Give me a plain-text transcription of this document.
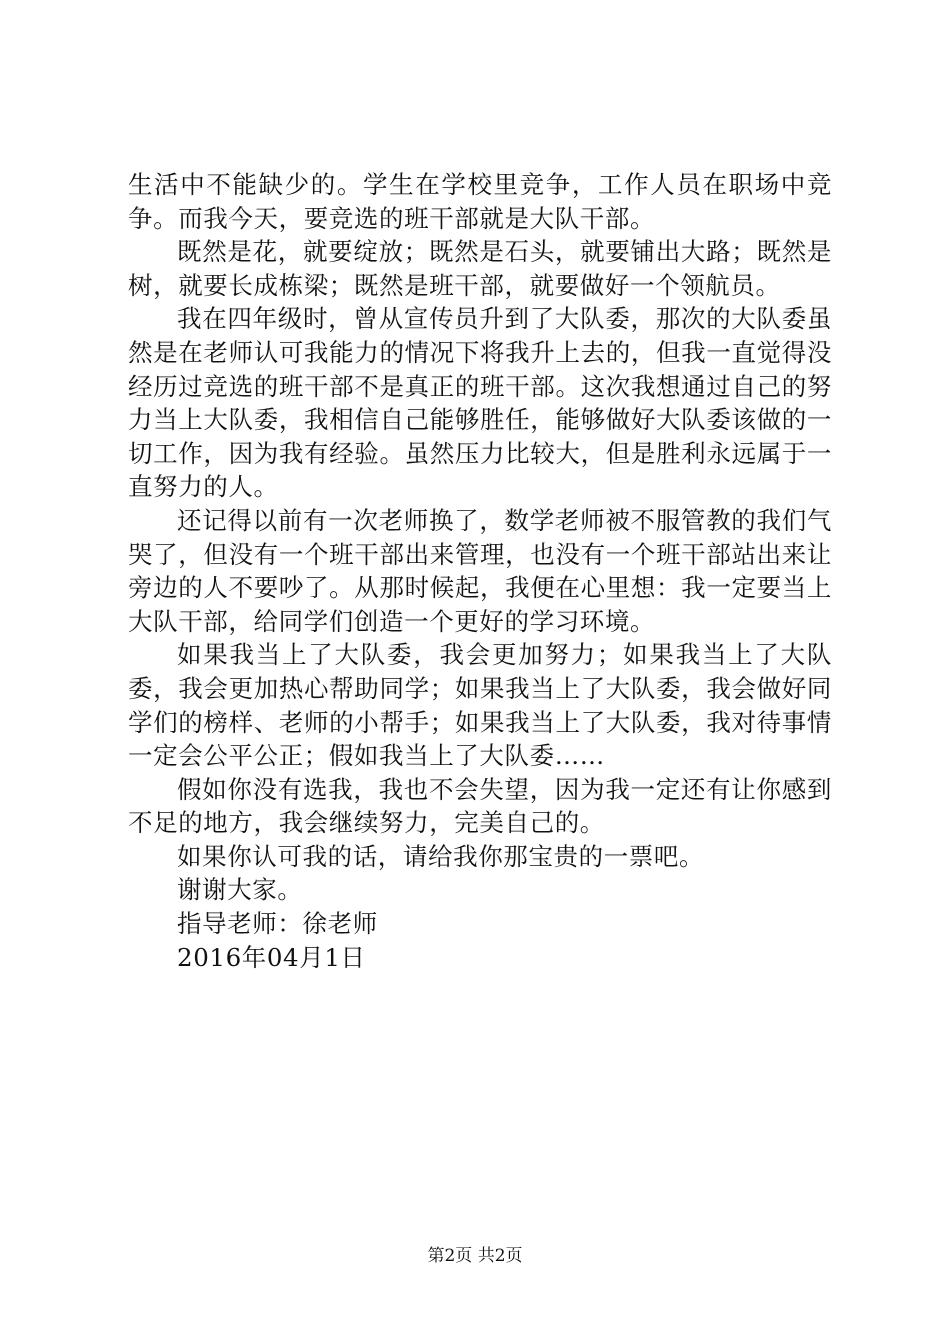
生活中不能缺少的。学生在学校里竞争，工作人员在职场中竞争。而我今天，要竞选的班干部就是大队干部。

既然是花，就要绽放；既然是石头，就要铺出大路；既然是树，就要长成栋梁；既然是班干部，就要做好一个领航员。

我在四年级时，曾从宣传员升到了大队委，那次的大队委虽然是在老师认可我能力的情况下将我升上去的，但我一直觉得没经历过竞选的班干部不是真正的班干部。这次我想通过自己的努力当上大队委，我相信自己能够胜任，能够做好大队委该做的一切工作，因为我有经验。虽然压力比较大，但是胜利永远属于一直努力的人。

还记得以前有一次老师换了，数学老师被不服管教的我们气哭了，但没有一个班干部出来管理，也没有一个班干部站出来让旁边的人不要吵了。从那时候起，我便在心里想：我一定要当上大队干部，给同学们创造一个更好的学习环境。

如果我当上了大队委，我会更加努力；如果我当上了大队委，我会更加热心帮助同学；如果我当上了大队委，我会做好同学们的榜样、老师的小帮手；如果我当上了大队委，我对待事情一定会公平公正；假如我当上了大队委……

假如你没有选我，我也不会失望，因为我一定还有让你感到不足的地方，我会继续努力，完美自己的。

如果你认可我的话，请给我你那宝贵的一票吧。

谢谢大家。

指导老师：徐老师

2016年04月1日

第2页 共2页
